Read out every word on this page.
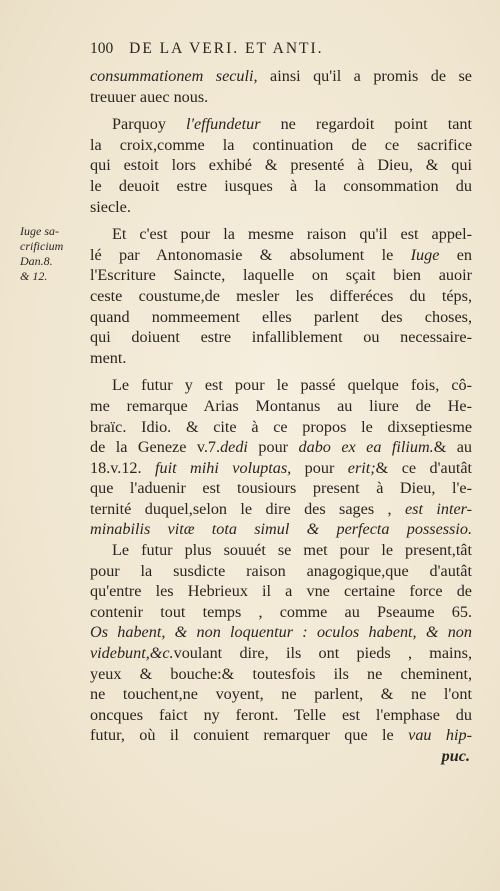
100 DE LA VERI. ET ANTI.
Iuge sa-
crificium
Dan.8.
& 12.
consummationem seculi, ainsi qu'il a promis de se
treuuer auec nous.
Parquoy l'effundetur ne regardoit point tant
la croix,comme la continuation de ce sacrifice
qui estoit lors exhibé & presenté à Dieu, & qui
le deuoit estre iusques à la consommation du
siecle.
Et c'est pour la mesme raison qu'il est appel-
lé par Antonomasie & absolument le Iuge en
l'Escriture Saincte, laquelle on sçait bien auoir
ceste coustume,de mesler les differéces du téps,
quand nommeement elles parlent des choses,
qui doiuent estre infalliblement ou necessaire-
ment.
Le futur y est pour le passé quelque fois, cô-
me remarque Arias Montanus au liure de He-
braïc. Idio. & cite à ce propos le dixseptiesme
de la Geneze v.7.dedi pour dabo ex ea filium.& au
18.v.12. fuit mihi voluptas, pour erit;& ce d'autât
que l'aduenir est tousiours present à Dieu, l'e-
ternité duquel,selon le dire des sages , est inter-
minabilis vitæ tota simul & perfecta possessio.
Le futur plus souuét se met pour le present,tât
pour la susdicte raison anagogique,que d'autât
qu'entre les Hebrieux il a vne certaine force de
contenir tout temps , comme au Pseaume 65.
Os habent, & non loquentur : oculos habent, & non
videbunt,&c.voulant dire, ils ont pieds , mains,
yeux & bouche:& toutesfois ils ne cheminent,
ne touchent,ne voyent, ne parlent, & ne l'ont
oncques faict ny feront. Telle est l'emphase du
futur, où il conuient remarquer que le vau hip-
puc.
